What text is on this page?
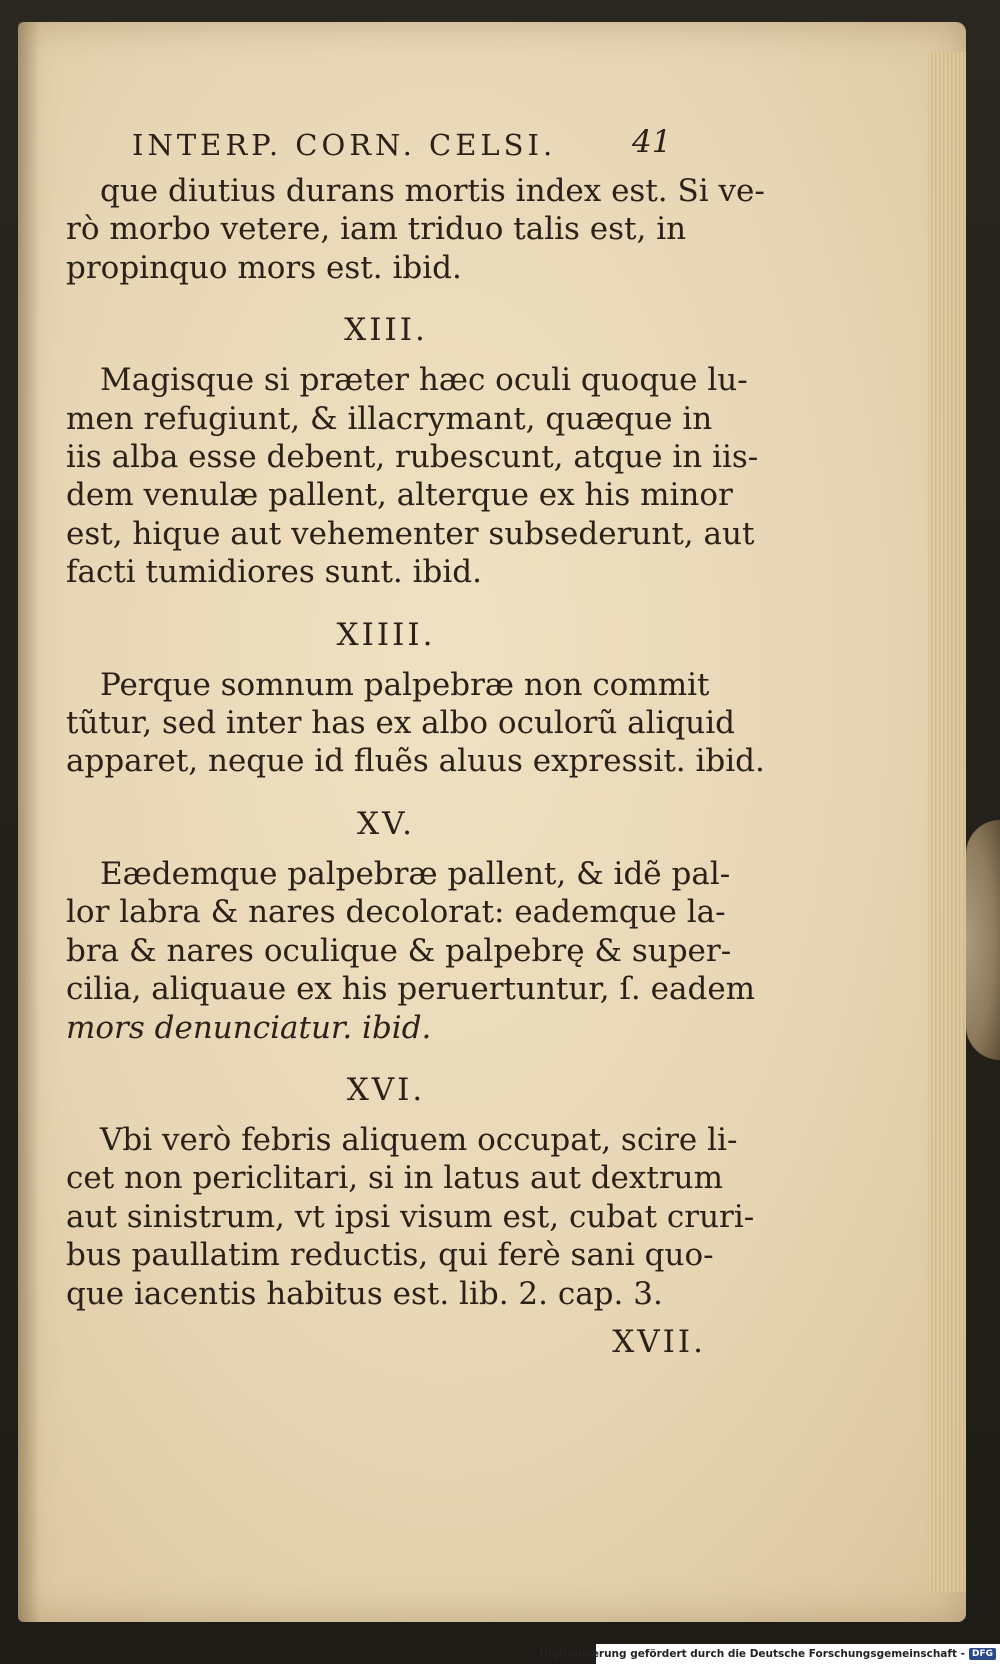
INTERP. CORN. CELSI. 41
que diutius durans mortis index est. Si ve-
rò morbo vetere, iam triduo talis est, in
propinquo mors est. ibid.
XIII.
Magisque si præter hæc oculi quoque lu-
men refugiunt, & illacrymant, quæque in
iis alba esse debent, rubescunt, atque in iis-
dem venulæ pallent, alterque ex his minor
est, hique aut vehementer subsederunt, aut
facti tumidiores sunt. ibid.
XIIII.
Perque somnum palpebræ non commit
tũtur, sed inter has ex albo oculorũ aliquid
apparet, neque id fluẽs aluus expressit. ibid.
XV.
Eædemque palpebræ pallent, & idẽ pal-
lor labra & nares decolorat: eademque la-
bra & nares oculique & palpebrę & super-
cilia, aliquaue ex his peruertuntur, ſ. eadem
mors denunciatur. ibid.
XVI.
Vbi verò febris aliquem occupat, scire li-
cet non periclitari, si in latus aut dextrum
aut sinistrum, vt ipsi visum est, cubat cruri-
bus paullatim reductis, qui ferè sani quo-
que iacentis habitus est. lib. 2. cap. 3.
XVII.
Digitalisierung gefördert durch die Deutsche Forschungsgemeinschaft - DFG
